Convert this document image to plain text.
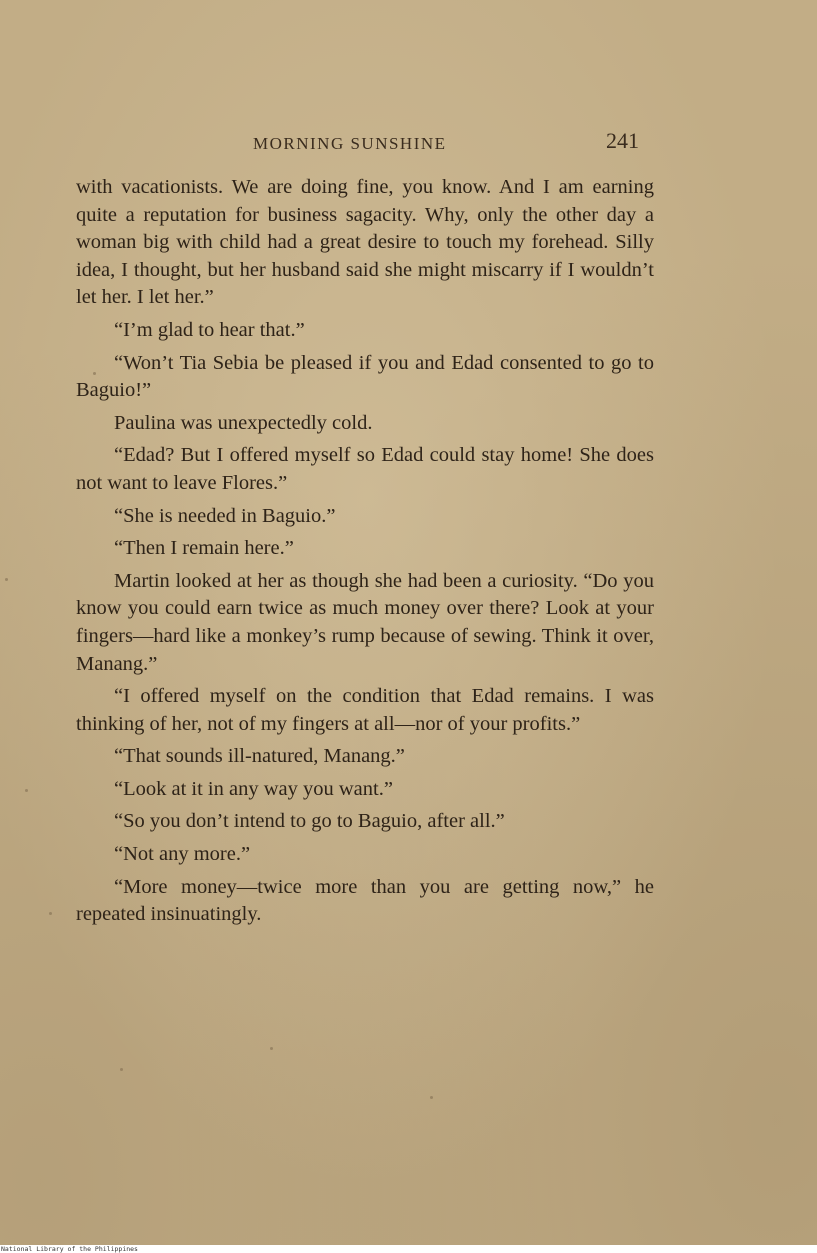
MORNING SUNSHINE	241

with vacationists. We are doing fine, you know. And I am earning quite a reputation for business sagacity. Why, only the other day a woman big with child had a great desire to touch my forehead. Silly idea, I thought, but her husband said she might miscarry if I wouldn’t let her. I let her.”

“I’m glad to hear that.”

“Won’t Tia Sebia be pleased if you and Edad consented to go to Baguio!”

Paulina was unexpectedly cold.

“Edad? But I offered myself so Edad could stay home! She does not want to leave Flores.”

“She is needed in Baguio.”

“Then I remain here.”

Martin looked at her as though she had been a curiosity. “Do you know you could earn twice as much money over there? Look at your fingers—hard like a monkey’s rump because of sewing. Think it over, Manang.”

“I offered myself on the condition that Edad remains. I was thinking of her, not of my fingers at all—nor of your profits.”

“That sounds ill-natured, Manang.”

“Look at it in any way you want.”

“So you don’t intend to go to Baguio, after all.”

“Not any more.”

“More money—twice more than you are getting now,” he repeated insinuatingly.

National Library of the Philippines
